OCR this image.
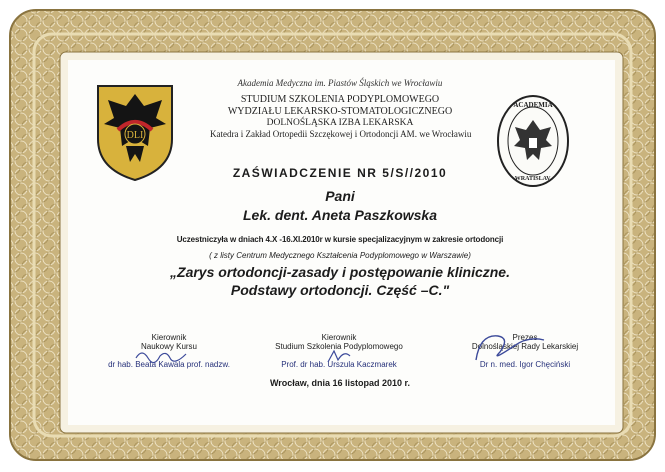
DLI
ACADEMIA
WRATISLAV.
Akademia Medyczna im. Piastów Śląskich we Wrocławiu
STUDIUM SZKOLENIA PODYPLOMOWEGO
WYDZIAŁU LEKARSKO-STOMATOLOGICZNEGO
DOLNOŚLĄSKA IZBA LEKARSKA
Katedra i Zakład Ortopedii Szczękowej i Ortodoncji AM. we Wrocławiu
ZAŚWIADCZENIE NR 5/S//2010
Pani
Lek. dent. Aneta Paszkowska
Uczestniczyła w dniach 4.X -16.XI.2010r w kursie specjalizacyjnym w zakresie ortodoncji
( z listy Centrum Medycznego Kształcenia Podyplomowego w Warszawie)
„Zarys ortodoncji-zasady i postępowanie kliniczne.
Podstawy ortodoncji. Część –C."
Kierownik
Naukowy Kursu
dr hab. Beata Kawala prof. nadzw.
Kierownik
Studium Szkolenia Podyplomowego
Prof. dr hab. Urszula Kaczmarek
Prezes
Dolnośląskiej Rady Lekarskiej
Dr n. med. Igor Chęciński
Wrocław, dnia 16 listopad 2010 r.
